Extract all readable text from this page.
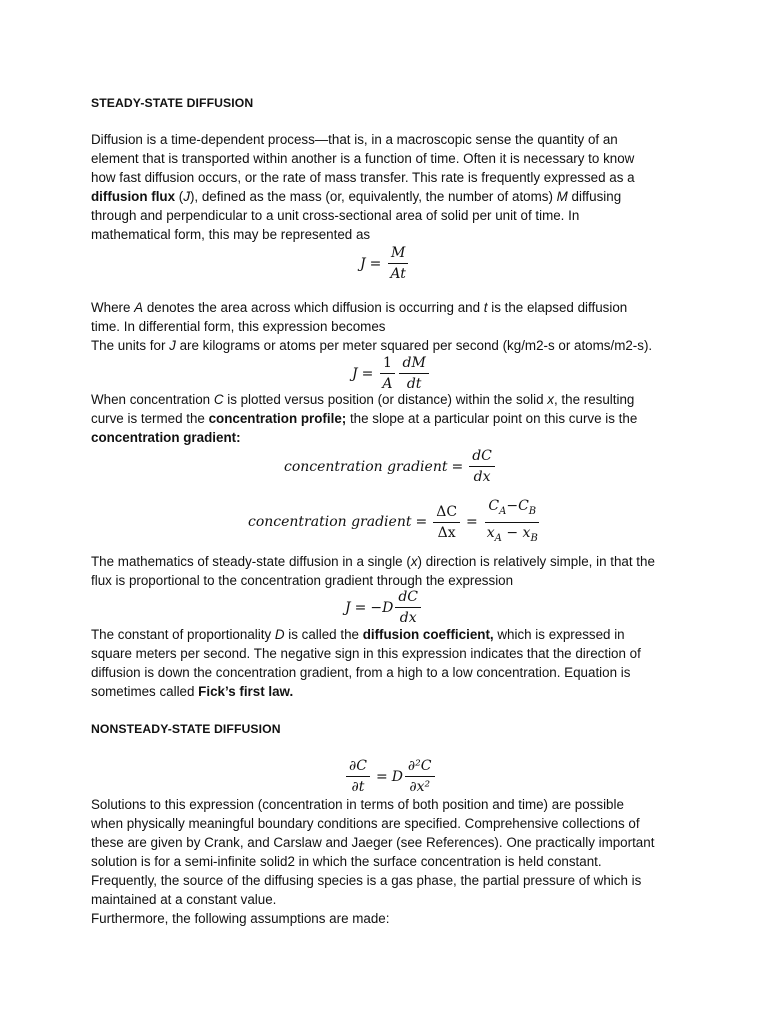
STEADY-STATE DIFFUSION
Diffusion is a time-dependent process—that is, in a macroscopic sense the quantity of an
element that is transported within another is a function of time. Often it is necessary to know
how fast diffusion occurs, or the rate of mass transfer. This rate is frequently expressed as a
diffusion flux (J), defined as the mass (or, equivalently, the number of atoms) M diffusing
through and perpendicular to a unit cross-sectional area of solid per unit of time. In
mathematical form, this may be represented as
$J = \frac{M}{At}$
Where A denotes the area across which diffusion is occurring and t is the elapsed diffusion
time. In differential form, this expression becomes
The units for J are kilograms or atoms per meter squared per second (kg/m2-s or atoms/m2-s).
$J = \frac{1}{A} \frac{dM}{dt}$
When concentration C is plotted versus position (or distance) within the solid x, the resulting
curve is termed the concentration profile; the slope at a particular point on this curve is the
concentration gradient:
concentration gradient = $\frac{dC}{dx}$
concentration gradient = $\frac{\Delta C}{\Delta x} = \frac{C_A-C_B}{x_A - x_B}$
The mathematics of steady-state diffusion in a single (x) direction is relatively simple, in that the
flux is proportional to the concentration gradient through the expression
$J = -D \frac{dC}{dx}$
The constant of proportionality D is called the diffusion coefficient, which is expressed in
square meters per second. The negative sign in this expression indicates that the direction of
diffusion is down the concentration gradient, from a high to a low concentration. Equation is
sometimes called Fick’s first law.
NONSTEADY-STATE DIFFUSION
$\frac{\partial C}{\partial t} = D \frac{\text{∂²C}}{\text{∂x²}}$
Solutions to this expression (concentration in terms of both position and time) are possible
when physically meaningful boundary conditions are specified. Comprehensive collections of
these are given by Crank, and Carslaw and Jaeger (see References). One practically important
solution is for a semi-infinite solid2 in which the surface concentration is held constant.
Frequently, the source of the diffusing species is a gas phase, the partial pressure of which is
maintained at a constant value.
Furthermore, the following assumptions are made:
